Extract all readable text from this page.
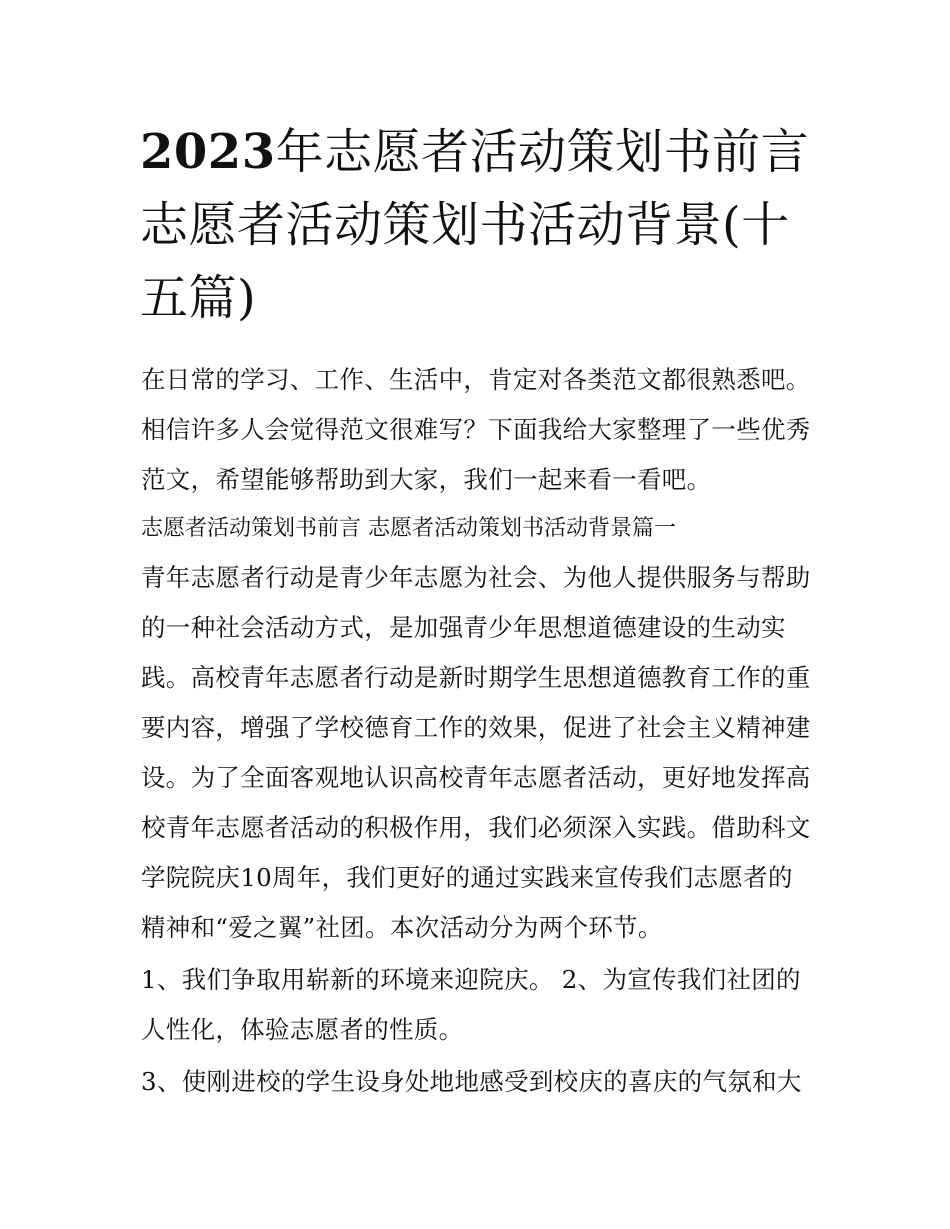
2023年志愿者活动策划书前言志愿者活动策划书活动背景(十五篇)

在日常的学习、工作、生活中，肯定对各类范文都很熟悉吧。相信许多人会觉得范文很难写？下面我给大家整理了一些优秀范文，希望能够帮助到大家，我们一起来看一看吧。

志愿者活动策划书前言 志愿者活动策划书活动背景篇一

青年志愿者行动是青少年志愿为社会、为他人提供服务与帮助的一种社会活动方式，是加强青少年思想道德建设的生动实践。高校青年志愿者行动是新时期学生思想道德教育工作的重要内容，增强了学校德育工作的效果，促进了社会主义精神建设。为了全面客观地认识高校青年志愿者活动，更好地发挥高校青年志愿者活动的积极作用，我们必须深入实践。借助科文学院院庆10周年，我们更好的通过实践来宣传我们志愿者的精神和“爱之翼”社团。本次活动分为两个环节。

1、我们争取用崭新的环境来迎院庆。 2、为宣传我们社团的人性化，体验志愿者的性质。

3、使刚进校的学生设身处地地感受到校庆的喜庆的气氛和大
